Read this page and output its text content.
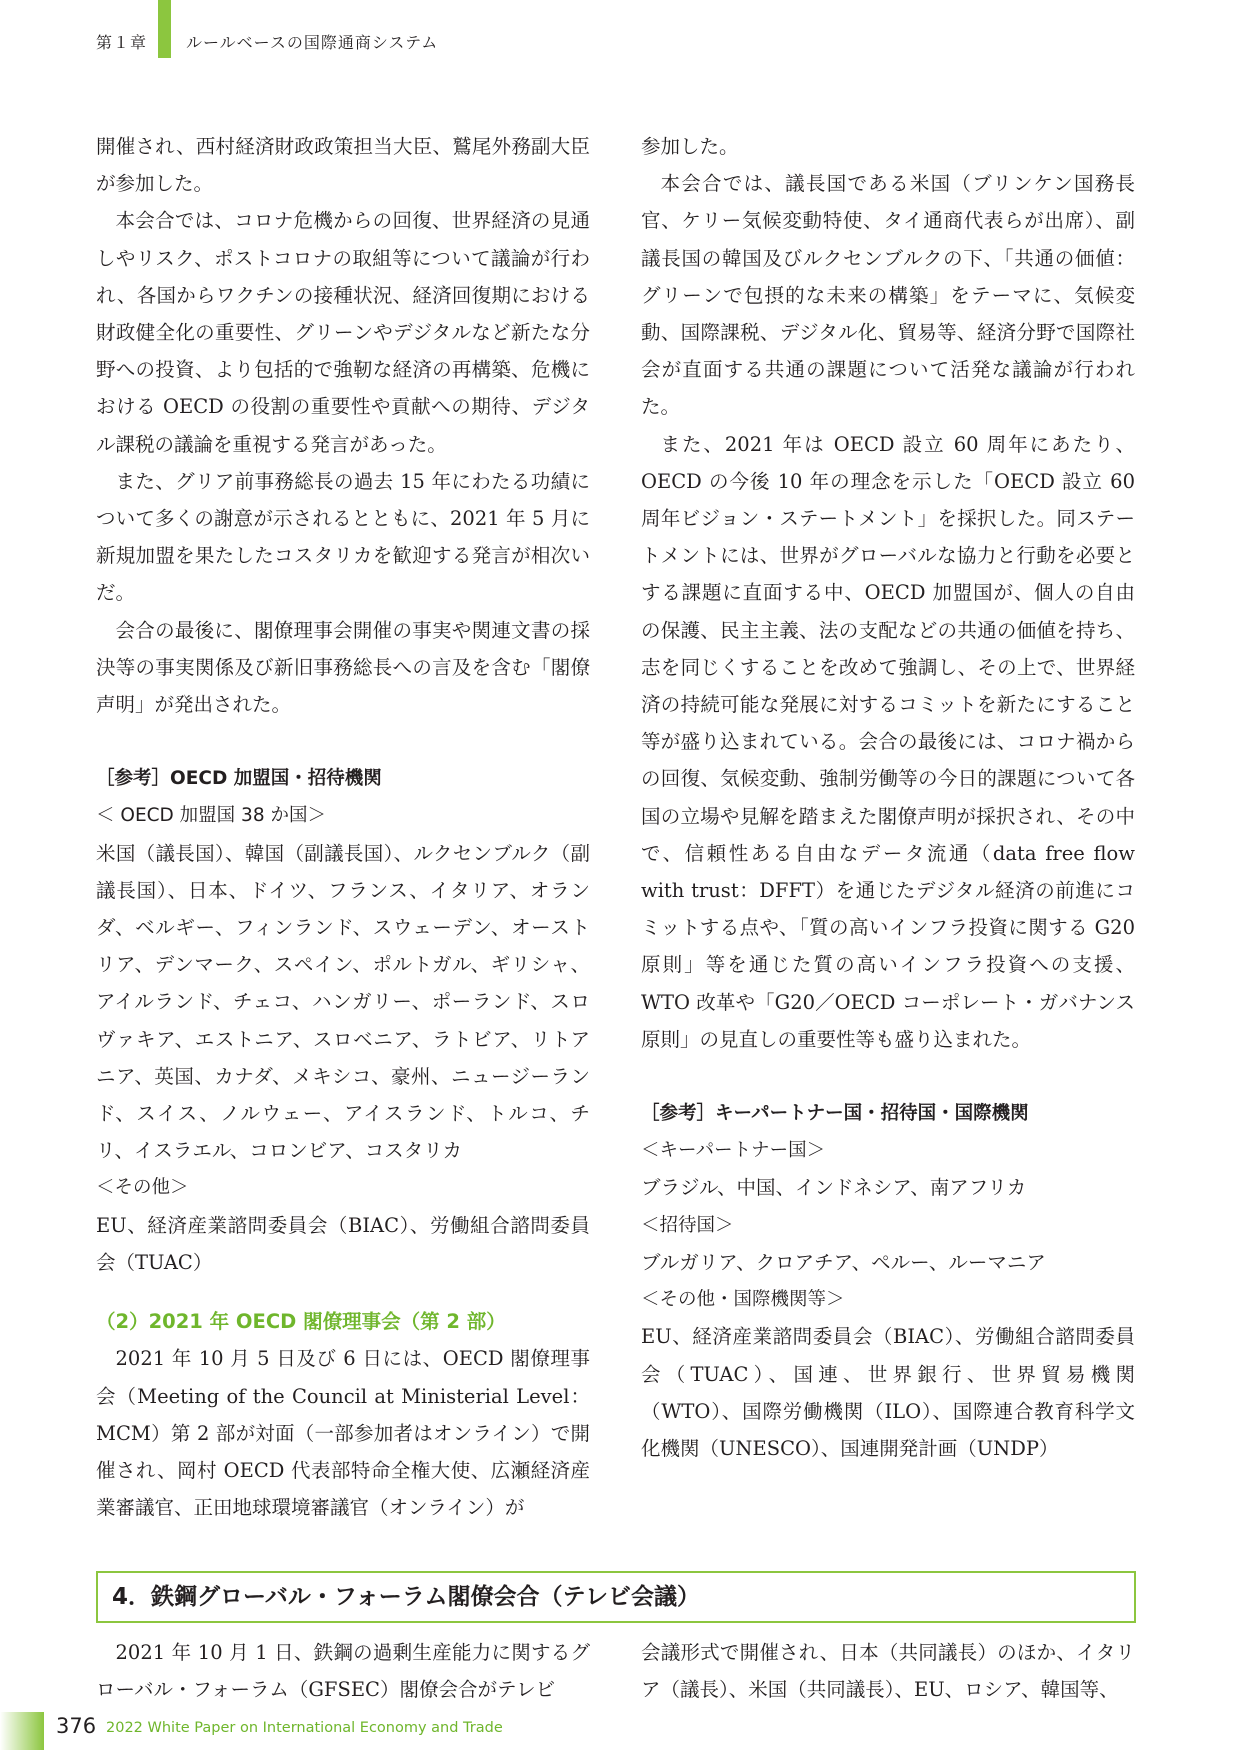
第１章 ルールベースの国際通商システム

開催され、西村経済財政政策担当大臣、鷲尾外務副大臣が参加した。

本会合では、コロナ危機からの回復、世界経済の見通しやリスク、ポストコロナの取組等について議論が行われ、各国からワクチンの接種状況、経済回復期における財政健全化の重要性、グリーンやデジタルなど新たな分野への投資、より包括的で強靭な経済の再構築、危機における OECD の役割の重要性や貢献への期待、デジタル課税の議論を重視する発言があった。

また、グリア前事務総長の過去 15 年にわたる功績について多くの謝意が示されるとともに、2021 年 5 月に新規加盟を果たしたコスタリカを歓迎する発言が相次いだ。

会合の最後に、閣僚理事会開催の事実や関連文書の採決等の事実関係及び新旧事務総長への言及を含む「閣僚声明」が発出された。

［参考］OECD 加盟国・招待機関

＜ OECD 加盟国 38 か国＞

米国（議長国）、韓国（副議長国）、ルクセンブルク（副議長国）、日本、ドイツ、フランス、イタリア、オランダ、ベルギー、フィンランド、スウェーデン、オーストリア、デンマーク、スペイン、ポルトガル、ギリシャ、アイルランド、チェコ、ハンガリー、ポーランド、スロヴァキア、エストニア、スロベニア、ラトビア、リトアニア、英国、カナダ、メキシコ、豪州、ニュージーランド、スイス、ノルウェー、アイスランド、トルコ、チリ、イスラエル、コロンビア、コスタリカ

＜その他＞

EU、経済産業諮問委員会（BIAC）、労働組合諮問委員会（TUAC）

（2）2021 年 OECD 閣僚理事会（第 2 部）

2021 年 10 月 5 日及び 6 日には、OECD 閣僚理事会（Meeting of the Council at Ministerial Level：MCM）第 2 部が対面（一部参加者はオンライン）で開催され、岡村 OECD 代表部特命全権大使、広瀬経済産業審議官、正田地球環境審議官（オンライン）が

参加した。

本会合では、議長国である米国（ブリンケン国務長官、ケリー気候変動特使、タイ通商代表らが出席）、副議長国の韓国及びルクセンブルクの下、「共通の価値：グリーンで包摂的な未来の構築」をテーマに、気候変動、国際課税、デジタル化、貿易等、経済分野で国際社会が直面する共通の課題について活発な議論が行われた。

また、2021 年は OECD 設立 60 周年にあたり、OECD の今後 10 年の理念を示した「OECD 設立 60 周年ビジョン・ステートメント」を採択した。同ステートメントには、世界がグローバルな協力と行動を必要とする課題に直面する中、OECD 加盟国が、個人の自由の保護、民主主義、法の支配などの共通の価値を持ち、志を同じくすることを改めて強調し、その上で、世界経済の持続可能な発展に対するコミットを新たにすること等が盛り込まれている。会合の最後には、コロナ禍からの回復、気候変動、強制労働等の今日的課題について各国の立場や見解を踏まえた閣僚声明が採択され、その中で、信頼性ある自由なデータ流通（data free flow with trust：DFFT）を通じたデジタル経済の前進にコミットする点や、「質の高いインフラ投資に関する G20 原則」等を通じた質の高いインフラ投資への支援、WTO 改革や「G20／OECD コーポレート・ガバナンス原則」の見直しの重要性等も盛り込まれた。

［参考］キーパートナー国・招待国・国際機関

＜キーパートナー国＞

ブラジル、中国、インドネシア、南アフリカ

＜招待国＞

ブルガリア、クロアチア、ペルー、ルーマニア

＜その他・国際機関等＞

EU、経済産業諮問委員会（BIAC）、労働組合諮問委員会（TUAC）、国連、世界銀行、世界貿易機関（WTO）、国際労働機関（ILO）、国際連合教育科学文化機関（UNESCO）、国連開発計画（UNDP）

4．鉄鋼グローバル・フォーラム閣僚会合（テレビ会議）

2021 年 10 月 1 日、鉄鋼の過剰生産能力に関するグローバル・フォーラム（GFSEC）閣僚会合がテレビ

会議形式で開催され、日本（共同議長）のほか、イタリア（議長）、米国（共同議長）、EU、ロシア、韓国等、

376 2022 White Paper on International Economy and Trade
